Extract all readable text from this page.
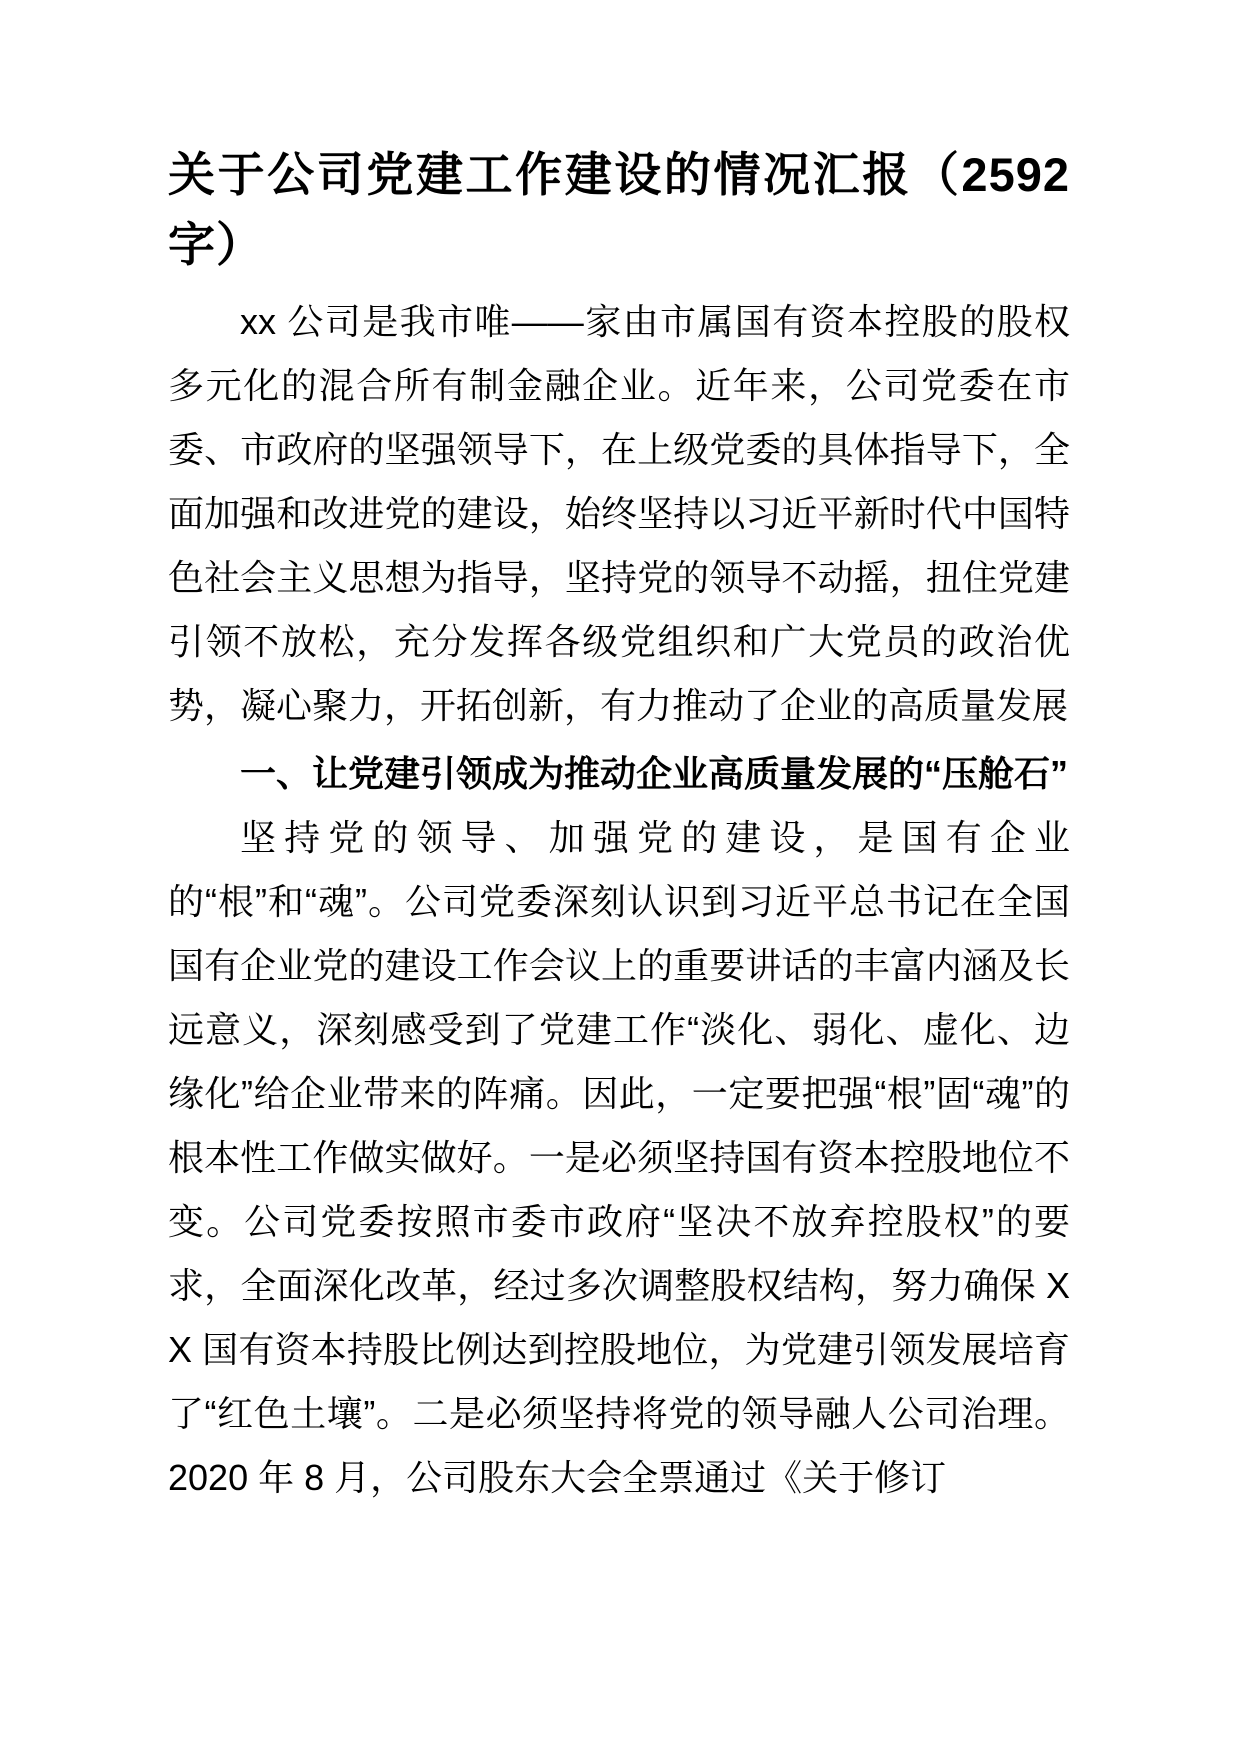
关于公司党建工作建设的情况汇报（2592 字）

xx 公司是我市唯——家由市属国有资本控股的股权多元化的混合所有制金融企业。近年来，公司党委在市委、市政府的坚强领导下，在上级党委的具体指导下，全面加强和改进党的建设，始终坚持以习近平新时代中国特色社会主义思想为指导，坚持党的领导不动摇，扭住党建引领不放松，充分发挥各级党组织和广大党员的政治优势，凝心聚力，开拓创新，有力推动了企业的高质量发展

一、让党建引领成为推动企业高质量发展的“压舱石”

坚持党的领导、加强党的建设，是国有企业的“根”和“魂”。公司党委深刻认识到习近平总书记在全国国有企业党的建设工作会议上的重要讲话的丰富内涵及长远意义，深刻感受到了党建工作“淡化、弱化、虚化、边缘化”给企业带来的阵痛。因此，一定要把强“根”固“魂”的根本性工作做实做好。一是必须坚持国有资本控股地位不变。公司党委按照市委市政府“坚决不放弃控股权”的要求，全面深化改革，经过多次调整股权结构，努力确保 XX 国有资本持股比例达到控股地位，为党建引领发展培育了“红色土壤”。二是必须坚持将党的领导融人公司治理。2020 年 8 月，公司股东大会全票通过《关于修订
